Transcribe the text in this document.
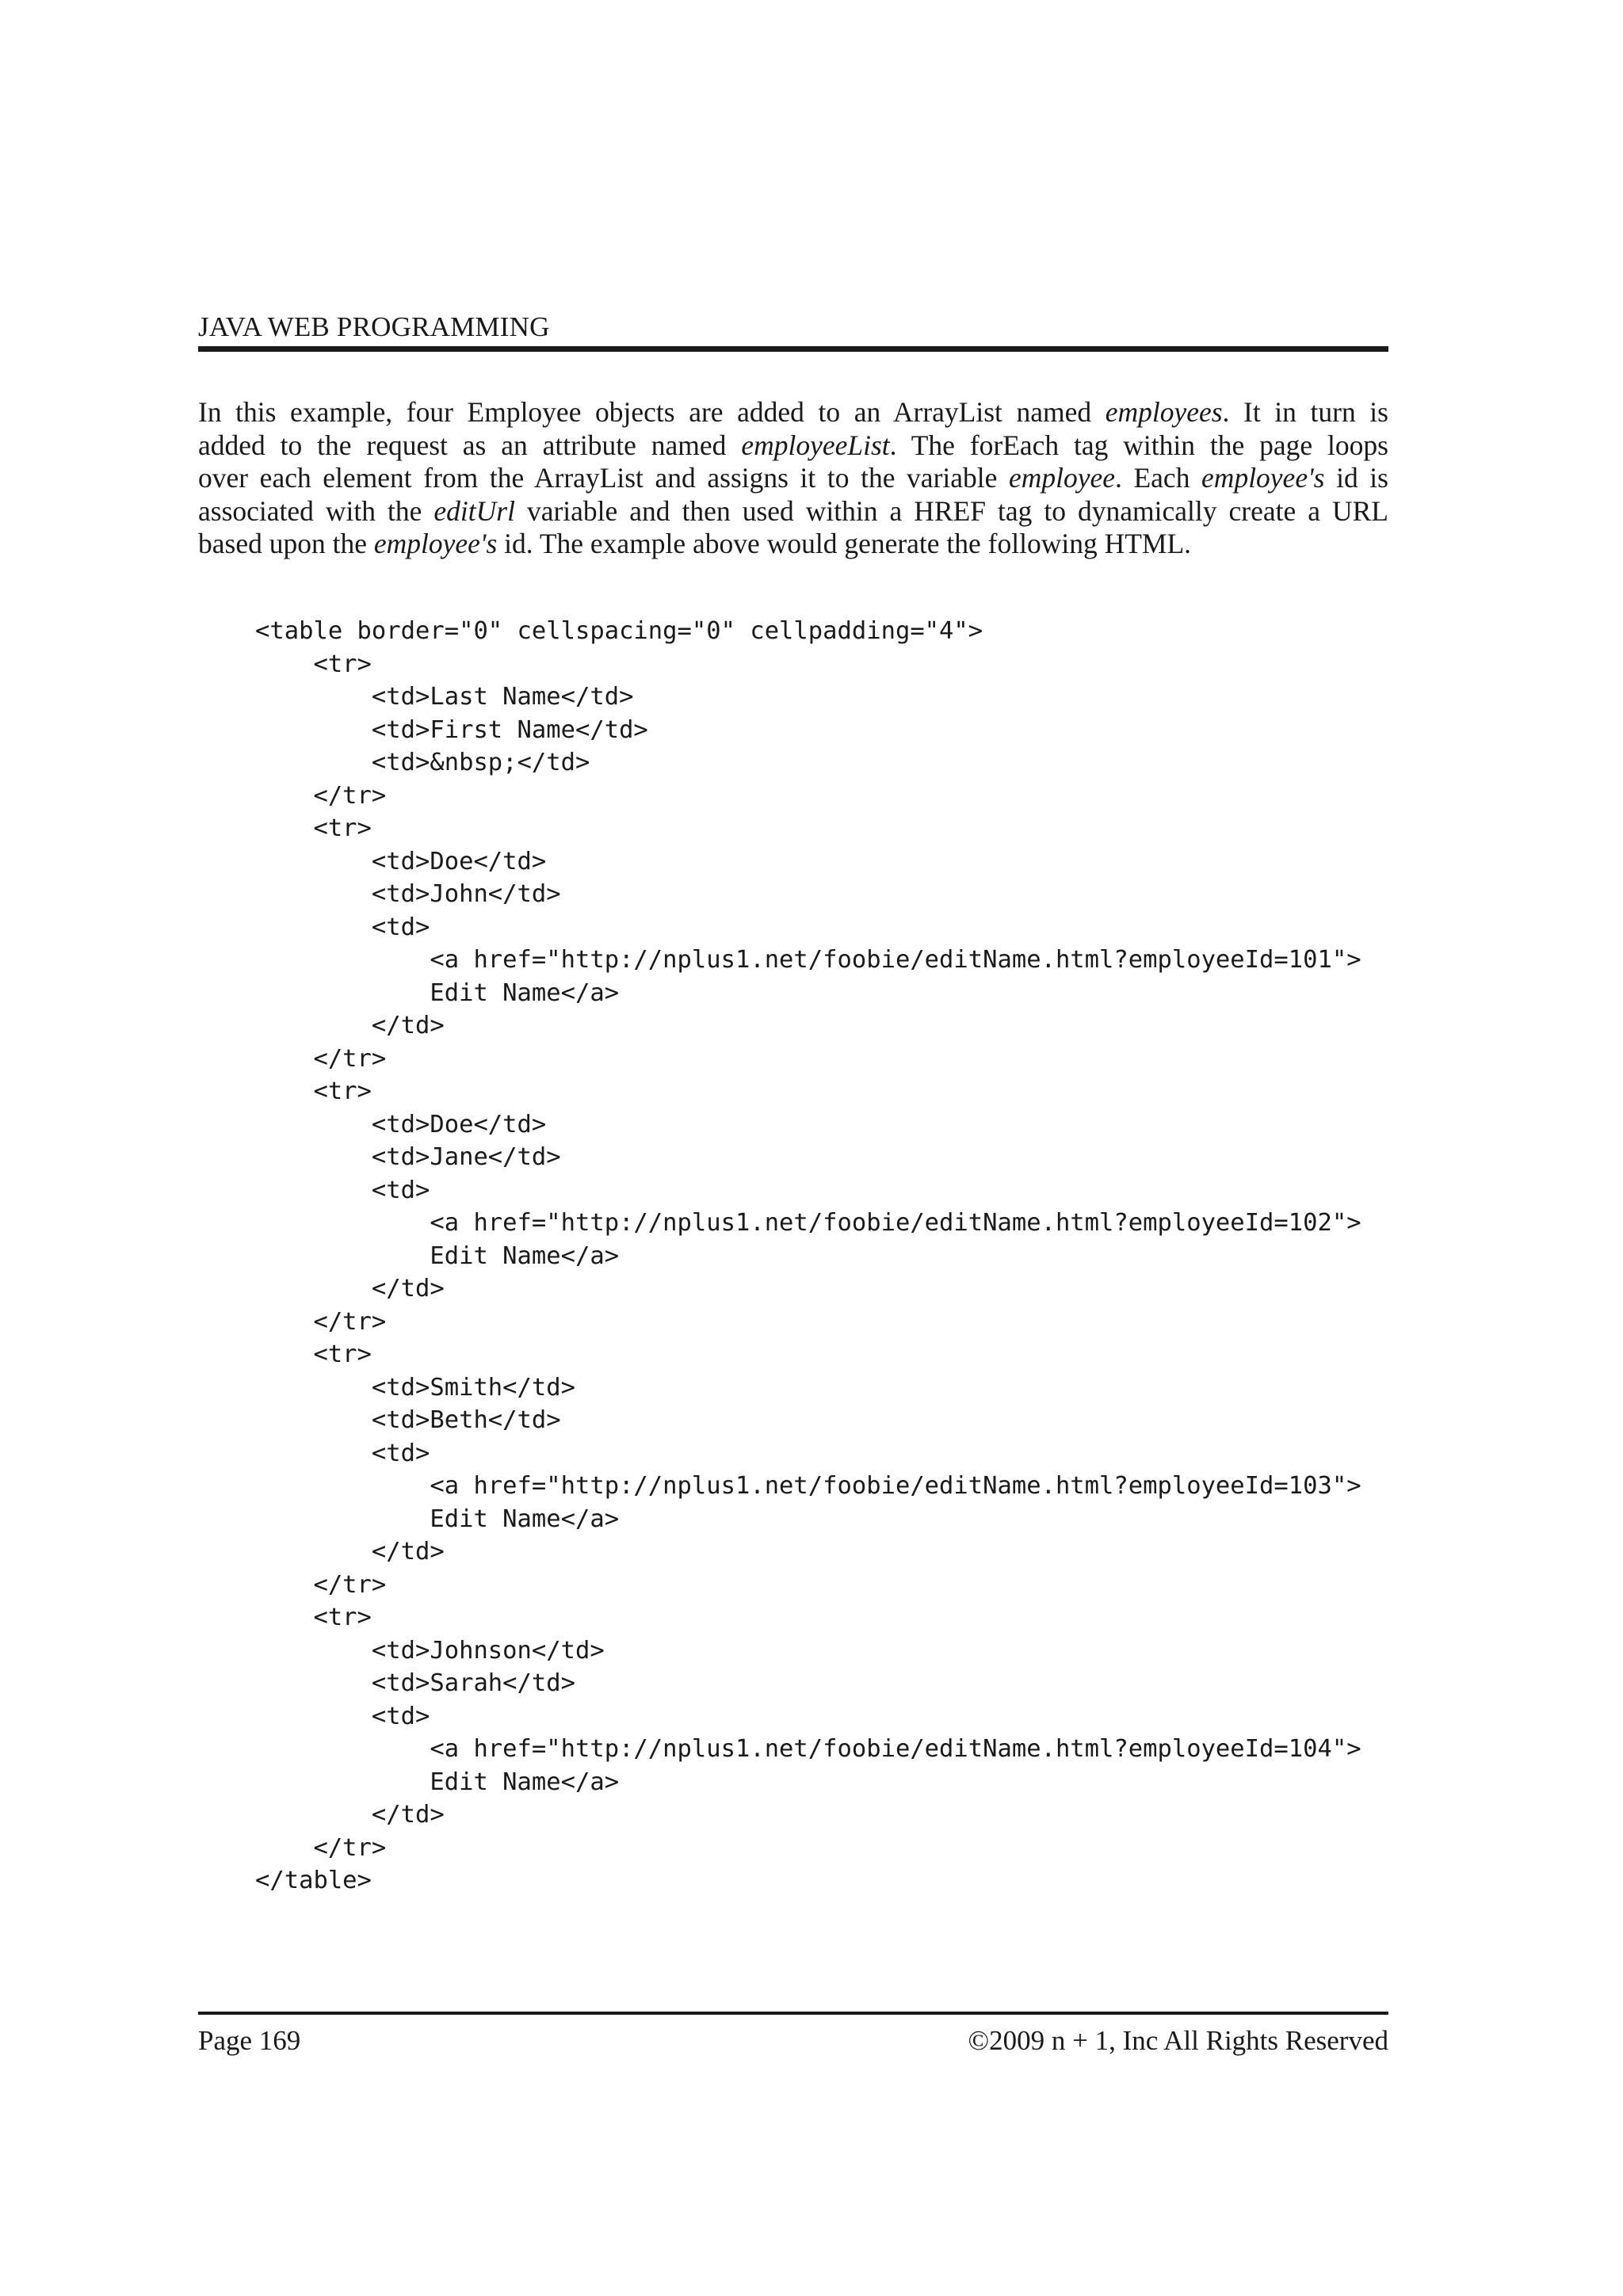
JAVA WEB PROGRAMMING

In this example, four Employee objects are added to an ArrayList named employees. It in turn is
added to the request as an attribute named employeeList. The forEach tag within the page loops
over each element from the ArrayList and assigns it to the variable employee. Each employee's id is
associated with the editUrl variable and then used within a HREF tag to dynamically create a URL
based upon the employee's id. The example above would generate the following HTML.

<table border="0" cellspacing="0" cellpadding="4">
<tr>
<td>Last Name</td>
<td>First Name</td>
<td>&nbsp;</td>
</tr>
<tr>
<td>Doe</td>
<td>John</td>
<td>
<a href="http://nplus1.net/foobie/editName.html?employeeId=101">
Edit Name</a>
</td>
</tr>
<tr>
<td>Doe</td>
<td>Jane</td>
<td>
<a href="http://nplus1.net/foobie/editName.html?employeeId=102">
Edit Name</a>
</td>
</tr>
<tr>
<td>Smith</td>
<td>Beth</td>
<td>
<a href="http://nplus1.net/foobie/editName.html?employeeId=103">
Edit Name</a>
</td>
</tr>
<tr>
<td>Johnson</td>
<td>Sarah</td>
<td>
<a href="http://nplus1.net/foobie/editName.html?employeeId=104">
Edit Name</a>
</td>
</tr>
</table>
Page 169	©2009 n + 1, Inc All Rights Reserved
